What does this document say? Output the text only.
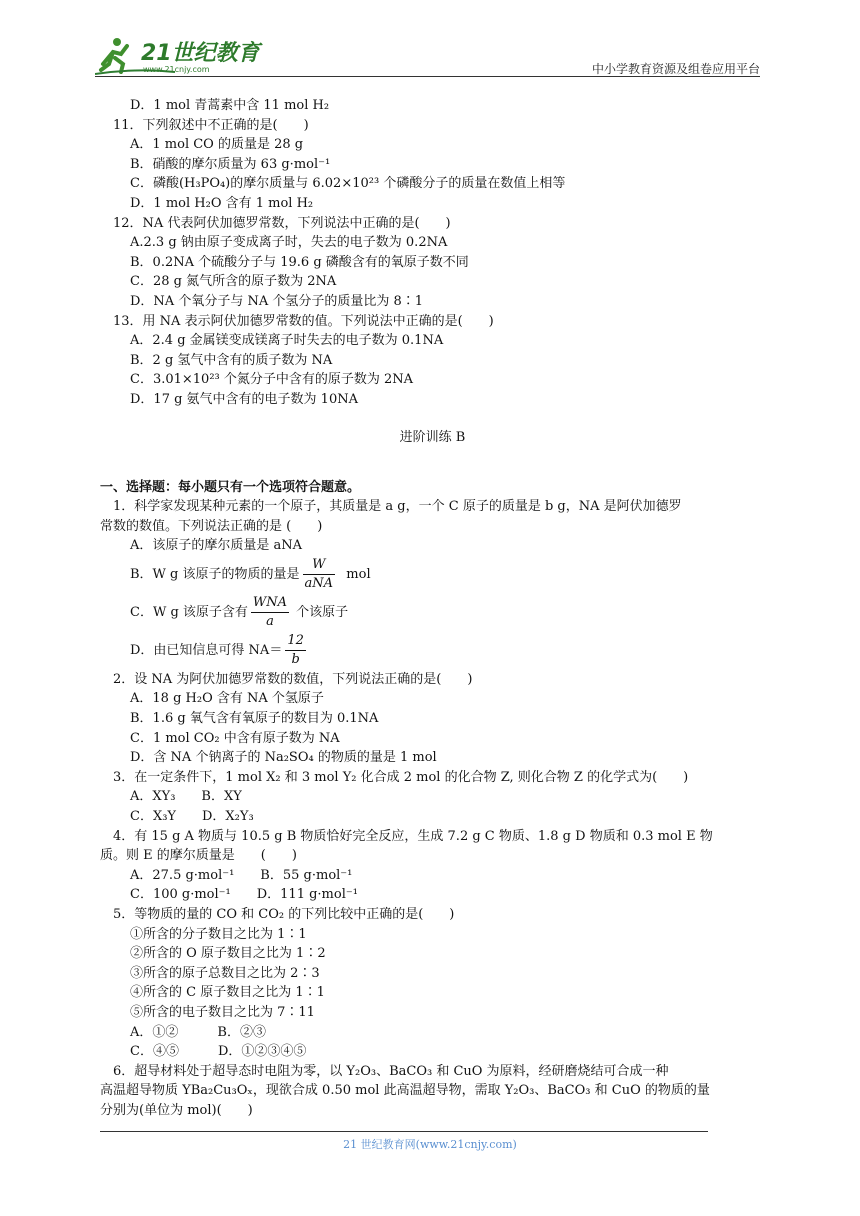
21世纪教育
www.21cnjy.com	中小学教育资源及组卷应用平台
D．1 mol 青蒿素中含 11 mol H₂
11．下列叙述中不正确的是(　　)
A．1 mol CO 的质量是 28 g
B．硝酸的摩尔质量为 63 g·mol⁻¹
C．磷酸(H₃PO₄)的摩尔质量与 6.02×10²³ 个磷酸分子的质量在数值上相等
D．1 mol H₂O 含有 1 mol H₂
12．NA 代表阿伏加德罗常数，下列说法中正确的是(　　)
A.2.3 g 钠由原子变成离子时，失去的电子数为 0.2NA
B．0.2NA 个硫酸分子与 19.6 g 磷酸含有的氧原子数不同
C．28 g 氮气所含的原子数为 2NA
D．NA 个氧分子与 NA 个氢分子的质量比为 8∶1
13．用 NA 表示阿伏加德罗常数的值。下列说法中正确的是(　　)
A．2.4 g 金属镁变成镁离子时失去的电子数为 0.1NA
B．2 g 氢气中含有的质子数为 NA
C．3.01×10²³ 个氮分子中含有的原子数为 2NA
D．17 g 氨气中含有的电子数为 10NA
进阶训练 B
一、选择题：每小题只有一个选项符合题意。
1．科学家发现某种元素的一个原子，其质量是 a g，一个 C 原子的质量是 b g，NA 是阿伏加德罗
常数的数值。下列说法正确的是 (　　)
A．该原子的摩尔质量是 aNA
B．W g 该原子的物质的量是 $\frac{W}{\text{aNA}}$ mol
C．W g 该原子含有 $\frac{\text{WNA}}{a}$ 个该原子
D．由已知信息可得 $NA= \frac{12}{b}$
2．设 NA 为阿伏加德罗常数的数值，下列说法正确的是(　　)
A．18 g H₂O 含有 NA 个氢原子
B．1.6 g 氧气含有氧原子的数目为 0.1NA
C．1 mol CO₂ 中含有原子数为 NA
D．含 NA 个钠离子的 Na₂SO₄ 的物质的量是 1 mol
3．在一定条件下，1 mol X₂ 和 3 mol Y₂ 化合成 2 mol 的化合物 Z, 则化合物 Z 的化学式为(　　)
A．XY₃　　B．XY
C．X₃Y　　D．X₂Y₃
4．有 15 g A 物质与 10.5 g B 物质恰好完全反应，生成 7.2 g C 物质、1.8 g D 物质和 0.3 mol E 物
质。则 E 的摩尔质量是　　(　　)
A．27.5 g·mol⁻¹　　B．55 g·mol⁻¹
C．100 g·mol⁻¹　　D．111 g·mol⁻¹
5．等物质的量的 CO 和 CO₂ 的下列比较中正确的是(　　)
①所含的分子数目之比为 1∶1
②所含的 O 原子数目之比为 1∶2
③所含的原子总数目之比为 2∶3
④所含的 C 原子数目之比为 1∶1
⑤所含的电子数目之比为 7∶11
A．①②　　　B．②③
C．④⑤　　　D．①②③④⑤
6．超导材料处于超导态时电阻为零，以 Y₂O₃、BaCO₃ 和 CuO 为原料，经研磨烧结可合成一种
高温超导物质 YBa₂Cu₃Oₓ，现欲合成 0.50 mol 此高温超导物，需取 Y₂O₃、BaCO₃ 和 CuO 的物质的量
分别为(单位为 mol)(　　)
21 世纪教育网(www.21cnjy.com)
